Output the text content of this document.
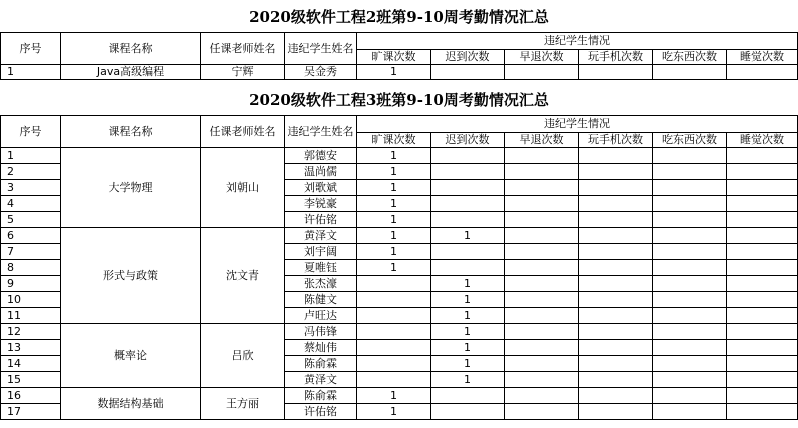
2020级软件工程2班第9-10周考勤情况汇总
序号	课程名称	任课老师姓名	违纪学生姓名	违纪学生情况					
				旷课次数	迟到次数	早退次数	玩手机次数	吃东西次数	睡觉次数
1	Java高级编程	宁辉	吴金秀	1					
2020级软件工程3班第9-10周考勤情况汇总
序号	课程名称	任课老师姓名	违纪学生姓名	违纪学生情况					
				旷课次数	迟到次数	早退次数	玩手机次数	吃东西次数	睡觉次数
1	大学物理	刘朝山	郭德安	1					
2			温尚儒	1					
3			刘歌斌	1					
4			李锐豪	1					
5			许佑铭	1					
6	形式与政策	沈文青	黄泽文	1	1				
7			刘宇阔	1					
8			夏唯钰	1					
9			张杰濠		1				
10			陈健文		1				
11			卢旺达		1				
12	概率论	吕欣	冯伟锋		1				
13			蔡灿伟		1				
14			陈俞霖		1				
15			黄泽文		1				
16	数据结构基础	王方丽	陈俞霖	1					
17			许佑铭	1					
